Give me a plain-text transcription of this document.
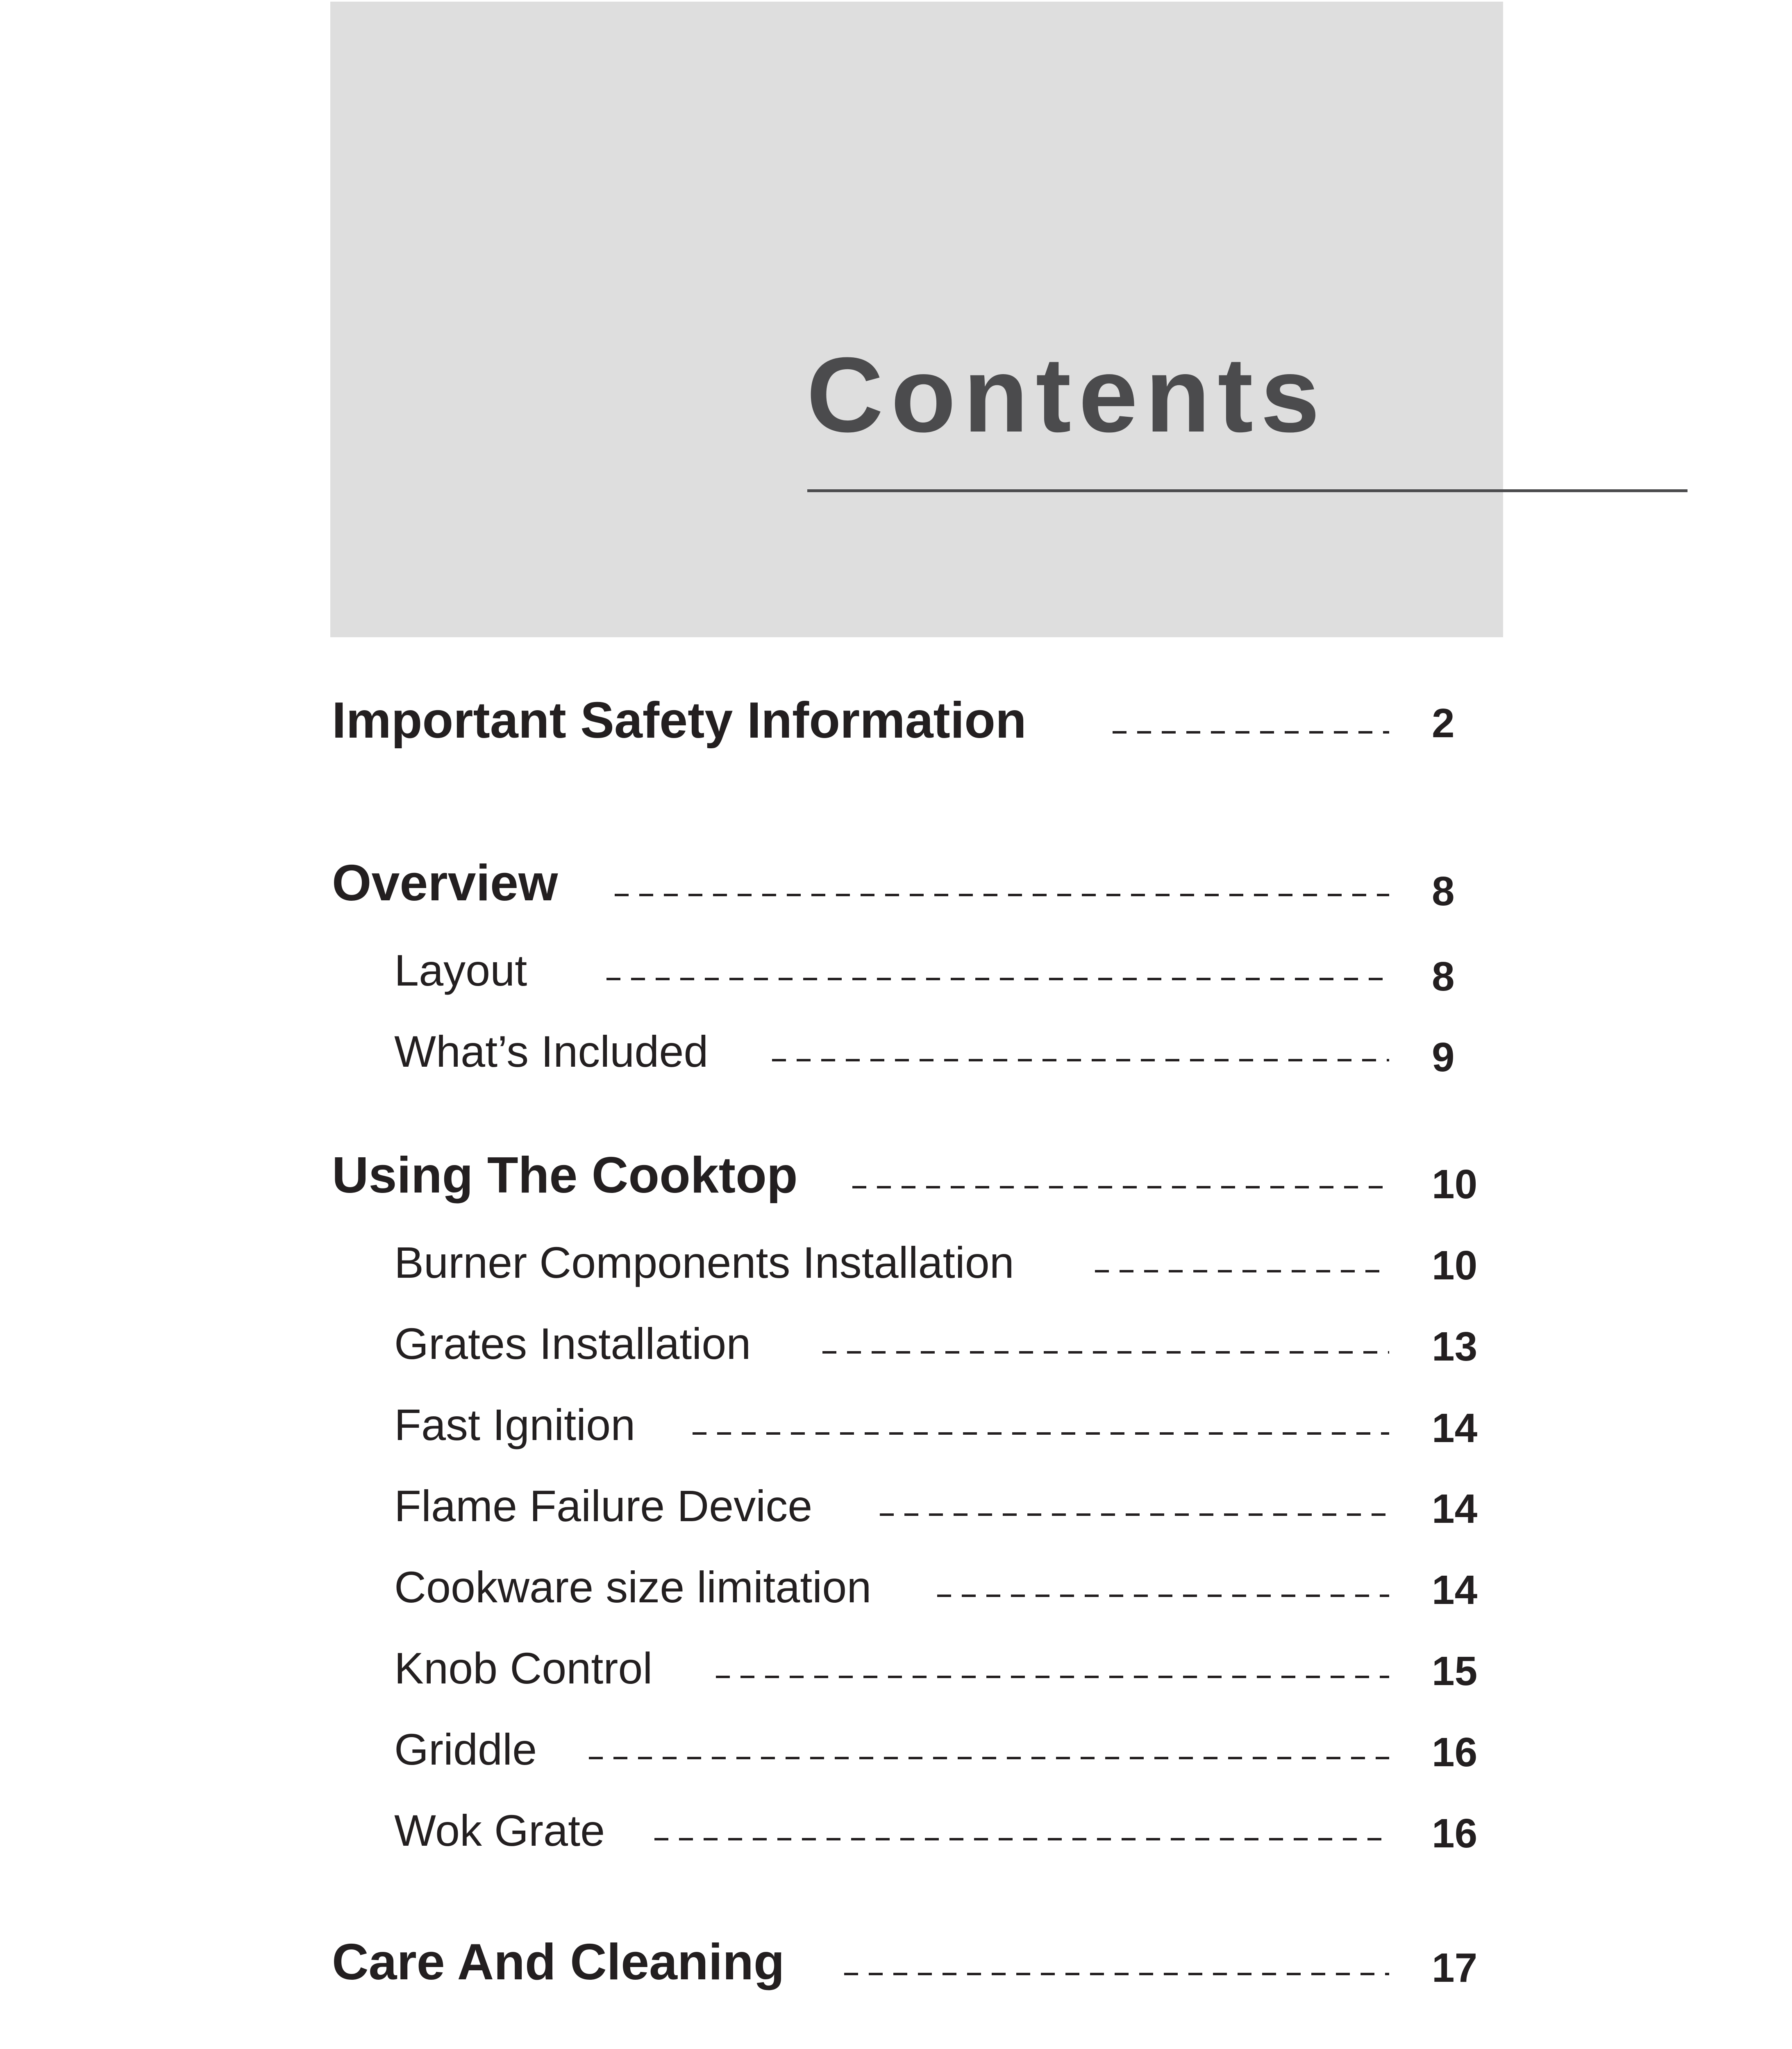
Contents
Important Safety Information	2
Overview	8
Layout	8
What’s Included	9
Using The Cooktop	10
Burner Components Installation	10
Grates Installation	13
Fast Ignition	14
Flame Failure Device	14
Cookware size limitation	14
Knob Control	15
Griddle	16
Wok Grate	16
Care And Cleaning	17
